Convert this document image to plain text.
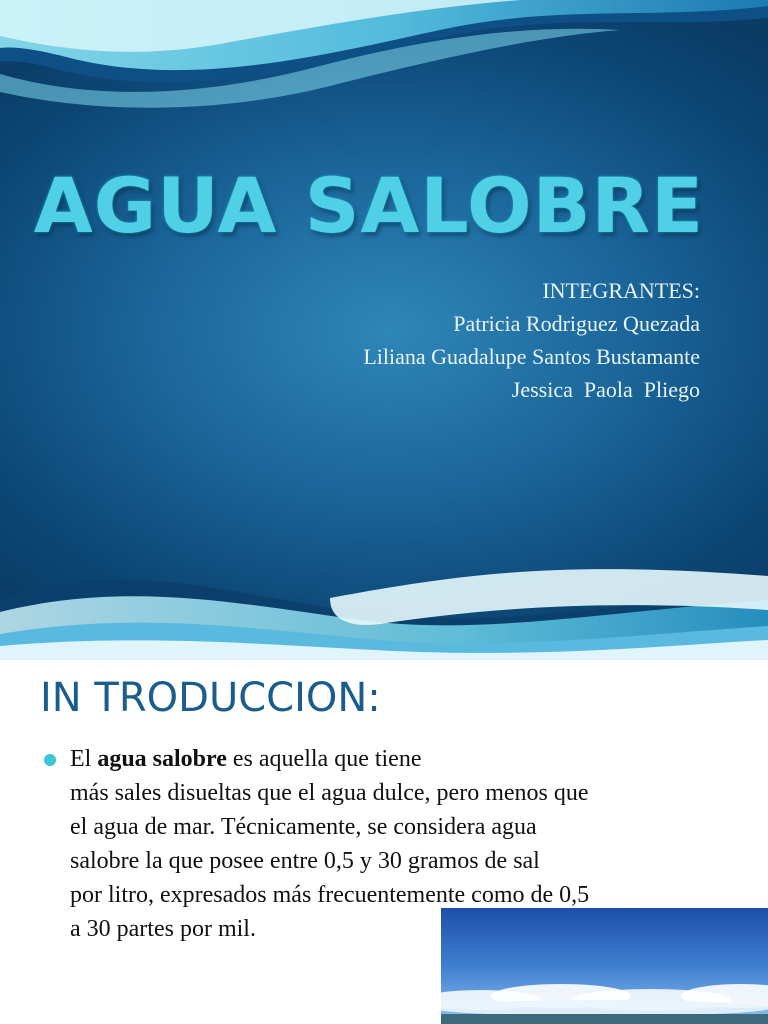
AGUA SALOBRE
INTEGRANTES:
Patricia Rodriguez Quezada
Liliana Guadalupe Santos Bustamante
Jessica  Paola  Pliego
IN TRODUCCION:
El agua salobre es aquella que tiene
más sales disueltas que el agua dulce, pero menos que
el agua de mar. Técnicamente, se considera agua
salobre la que posee entre 0,5 y 30 gramos de sal
por litro, expresados más frecuentemente como de 0,5
a 30 partes por mil.
